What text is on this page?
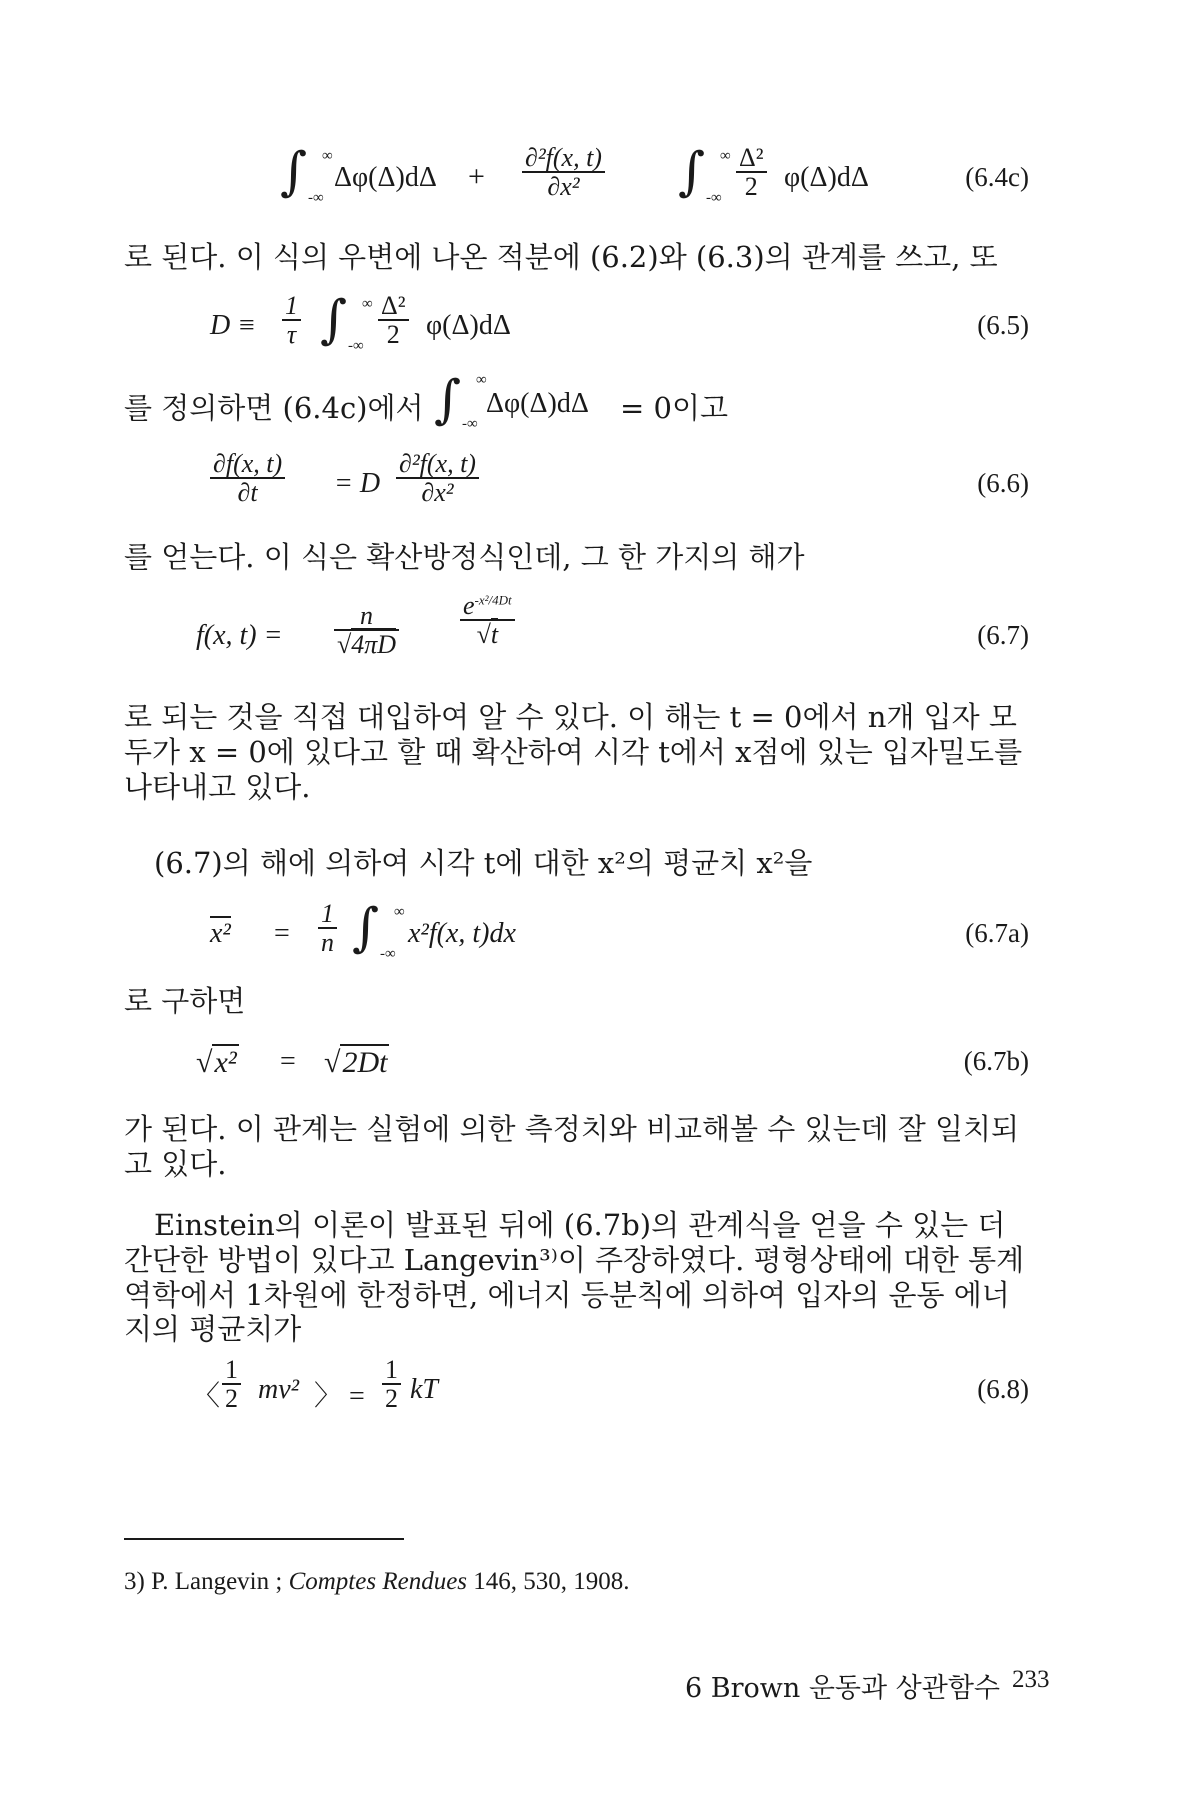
∫ ∞
-∞
Δφ(Δ)dΔ +
∂²f(x, t)
∂x² ∫ ∞
-∞
Δ²
2 φ(Δ)dΔ	(6.4c)

로 된다. 이 식의 우변에 나온 적분에 (6.2)와 (6.3)의 관계를 쓰고, 또

D ≡
1
τ ∫ ∞
-∞
Δ²
2 φ(Δ)dΔ	(6.5)
를 정의하면 (6.4c)에서 ∫ ∞
-∞
Δφ(Δ)dΔ = 0이고
∂f(x, t)
∂t	= D
∂²f(x, t)
∂x²	(6.6)

를 얻는다. 이 식은 확산방정식인데, 그 한 가지의 해가

f(x, t) =
n
√4πD
$e^{-x^2/4Dt}$
√t	(6.7)

로 되는 것을 직접 대입하여 알 수 있다. 이 해는 t = 0에서 n개 입자 모두가 x = 0에 있다고 할 때 확산하여 시각 t에서 x점에 있는 입자밀도를 나타내고 있다.

(6.7)의 해에 의하여 시각 t에 대한 x²의 평균치 x²을

x² =
1
n ∫ ∞
-∞
x²f(x, t)dx	(6.7a)

로 구하면

√x² = √2Dt	(6.7b)

가 된다. 이 관계는 실험에 의한 측정치와 비교해볼 수 있는데 잘 일치되고 있다.

Einstein의 이론이 발표된 뒤에 (6.7b)의 관계식을 얻을 수 있는 더 간단한 방법이 있다고 Langevin³⁾이 주장하였다. 평형상태에 대한 통계역학에서 1차원에 한정하면, 에너지 등분칙에 의하여 입자의 운동 에너지의 평균치가

〈
1
2 mv² 〉 =
1
2 kT	(6.8)
3) P. Langevin ; Comptes Rendues 146, 530, 1908.
6 Brown 운동과 상관함수 233
